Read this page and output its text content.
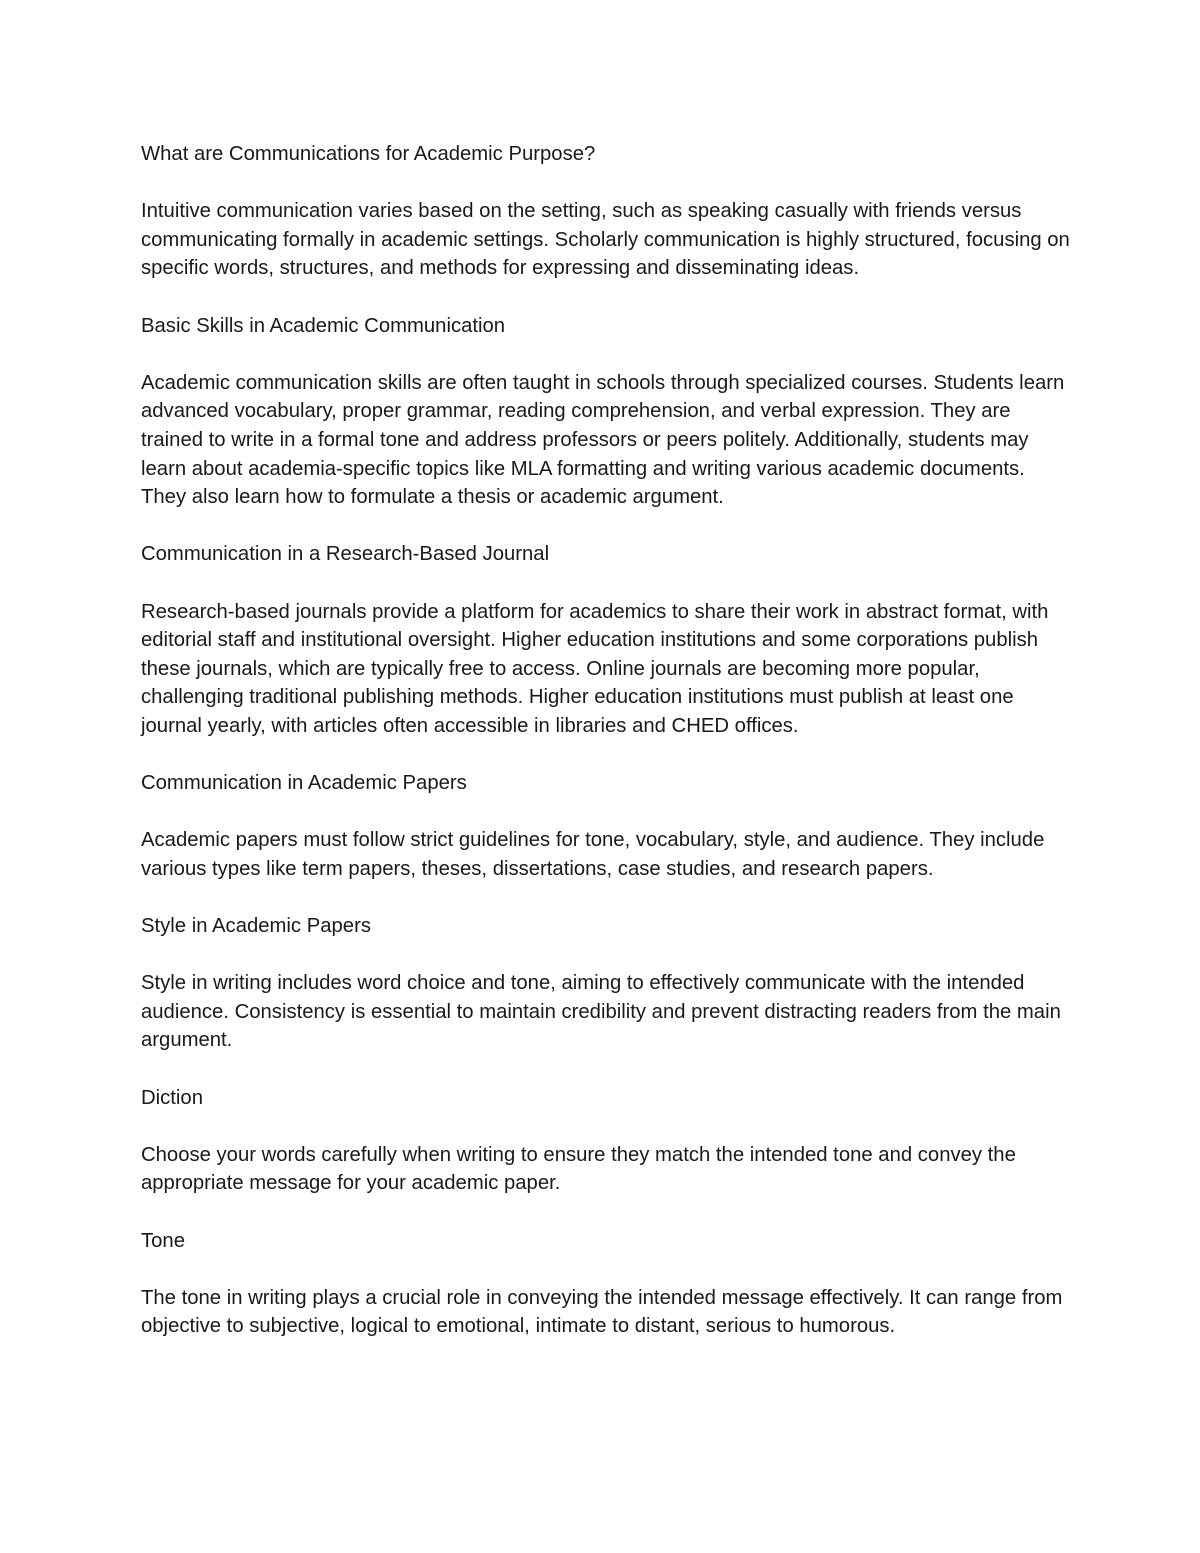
What are Communications for Academic Purpose?

Intuitive communication varies based on the setting, such as speaking casually with friends versus communicating formally in academic settings. Scholarly communication is highly structured, focusing on specific words, structures, and methods for expressing and disseminating ideas.

Basic Skills in Academic Communication

Academic communication skills are often taught in schools through specialized courses. Students learn advanced vocabulary, proper grammar, reading comprehension, and verbal expression. They are trained to write in a formal tone and address professors or peers politely. Additionally, students may learn about academia-specific topics like MLA formatting and writing various academic documents. They also learn how to formulate a thesis or academic argument.

Communication in a Research-Based Journal

Research-based journals provide a platform for academics to share their work in abstract format, with editorial staff and institutional oversight. Higher education institutions and some corporations publish these journals, which are typically free to access. Online journals are becoming more popular, challenging traditional publishing methods. Higher education institutions must publish at least one journal yearly, with articles often accessible in libraries and CHED offices.

Communication in Academic Papers

Academic papers must follow strict guidelines for tone, vocabulary, style, and audience. They include various types like term papers, theses, dissertations, case studies, and research papers.

Style in Academic Papers

Style in writing includes word choice and tone, aiming to effectively communicate with the intended audience. Consistency is essential to maintain credibility and prevent distracting readers from the main argument.

Diction

Choose your words carefully when writing to ensure they match the intended tone and convey the appropriate message for your academic paper.

Tone

The tone in writing plays a crucial role in conveying the intended message effectively. It can range from objective to subjective, logical to emotional, intimate to distant, serious to humorous.
